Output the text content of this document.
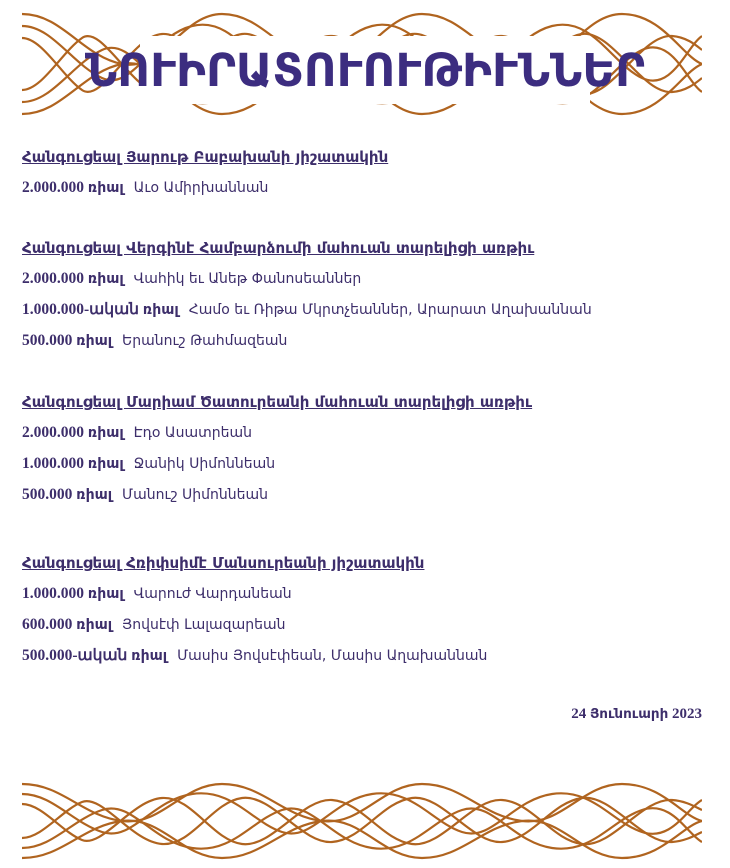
ՆՈՒԻՐԱՏՈՒՈՒԹԻՒՆՆԵՐ
Հանգուցեալ Յարութ Բաբախանի յիշատակին
2.000.000 ռիալ Աւօ Ամիրխաննան
Հանգուցեալ Վերգինէ Համբարձումի մահուան տարելիցի առթիւ
2.000.000 ռիալ Վահիկ եւ Անեթ Փանոսեաններ
1.000.000-ական ռիալ Համօ եւ Ռիթա Մկրտչեաններ, Արարատ Աղախաննան
500.000 ռիալ Երանուշ Թահմազեան
Հանգուցեալ Մարիամ Ծատուրեանի մահուան տարելիցի առթիւ
2.000.000 ռիալ Էդօ Ասատրեան
1.000.000 ռիալ Ջանիկ Սիմոննեան
500.000 ռիալ Մանուշ Սիմոննեան
Հանգուցեալ Հռիփսիմէ Մանսուրեանի յիշատակին
1.000.000 ռիալ Վարուժ Վարդանեան
600.000 ռիալ Յովսէփ Լալազարեան
500.000-ական ռիալ Մասիս Յովսէփեան, Մասիս Աղախաննան
24 Յունուարի 2023
